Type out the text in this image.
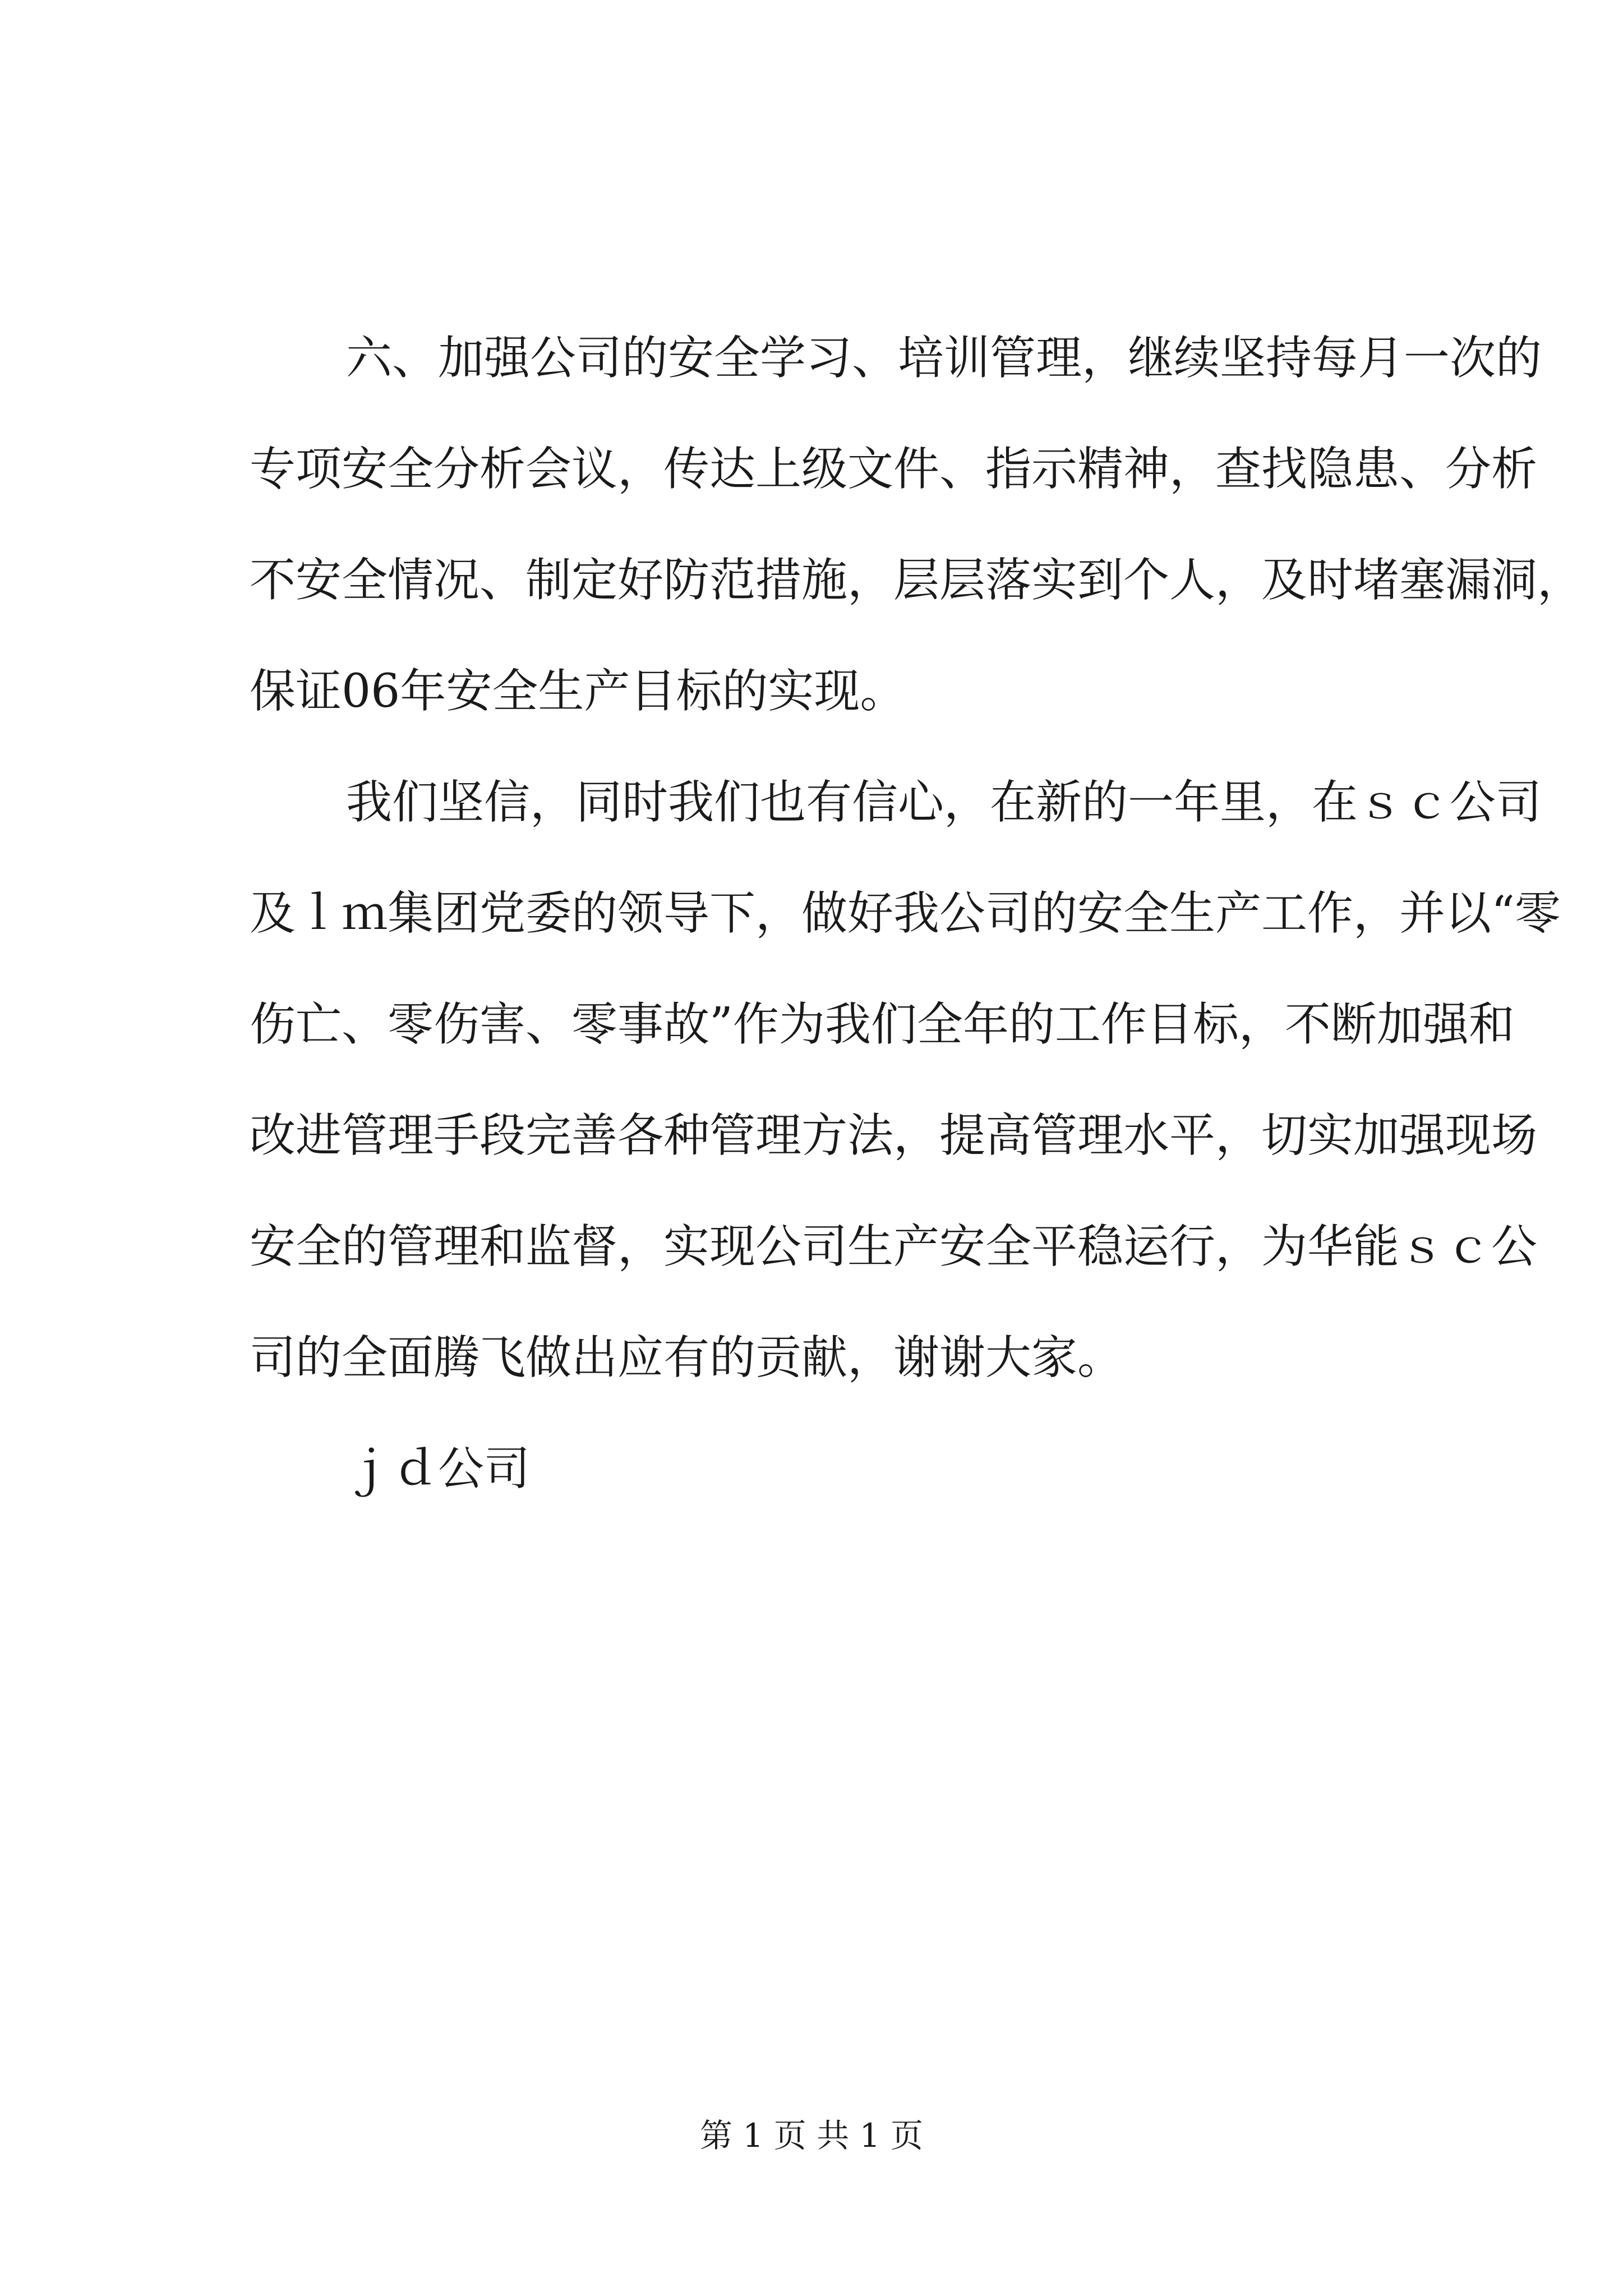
六、加强公司的安全学习、培训管理，继续坚持每月一次的
专项安全分析会议，传达上级文件、指示精神，查找隐患、分析
不安全情况、制定好防范措施，层层落实到个人，及时堵塞漏洞，
保证06年安全生产目标的实现。
我们坚信，同时我们也有信心，在新的一年里，在ｓｃ公司
及ｌｍ集团党委的领导下，做好我公司的安全生产工作，并以“零
伤亡、零伤害、零事故”作为我们全年的工作目标，不断加强和
改进管理手段完善各种管理方法，提高管理水平，切实加强现场
安全的管理和监督，实现公司生产安全平稳运行，为华能ｓｃ公
司的全面腾飞做出应有的贡献，谢谢大家。
ｊｄ公司
第 1 页 共 1 页
